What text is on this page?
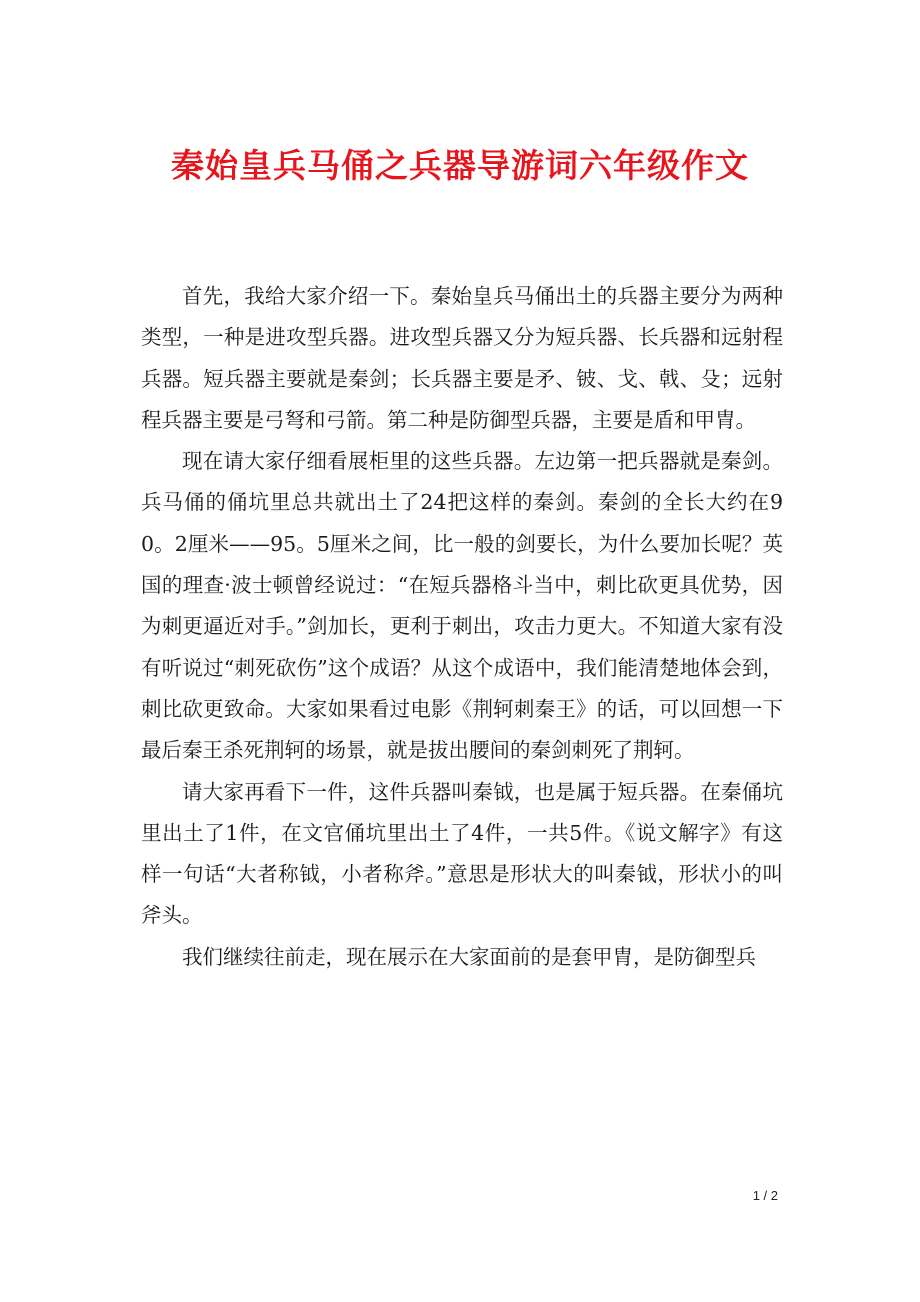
秦始皇兵马俑之兵器导游词六年级作文

首先，我给大家介绍一下。秦始皇兵马俑出土的兵器主要分为两种类型，一种是进攻型兵器。进攻型兵器又分为短兵器、长兵器和远射程兵器。短兵器主要就是秦剑；长兵器主要是矛、铍、戈、戟、殳；远射程兵器主要是弓弩和弓箭。第二种是防御型兵器，主要是盾和甲胄。

现在请大家仔细看展柜里的这些兵器。左边第一把兵器就是秦剑。兵马俑的俑坑里总共就出土了24把这样的秦剑。秦剑的全长大约在90。2厘米——95。5厘米之间，比一般的剑要长，为什么要加长呢？英国的理查·波士顿曾经说过：“在短兵器格斗当中，刺比砍更具优势，因为刺更逼近对手。”剑加长，更利于刺出，攻击力更大。不知道大家有没有听说过“刺死砍伤”这个成语？从这个成语中，我们能清楚地体会到，刺比砍更致命。大家如果看过电影《荆轲刺秦王》的话，可以回想一下最后秦王杀死荆轲的场景，就是拔出腰间的秦剑刺死了荆轲。

请大家再看下一件，这件兵器叫秦钺，也是属于短兵器。在秦俑坑里出土了1件，在文官俑坑里出土了4件，一共5件。《说文解字》有这样一句话“大者称钺，小者称斧。”意思是形状大的叫秦钺，形状小的叫斧头。

我们继续往前走，现在展示在大家面前的是套甲胄，是防御型兵

1 / 2
